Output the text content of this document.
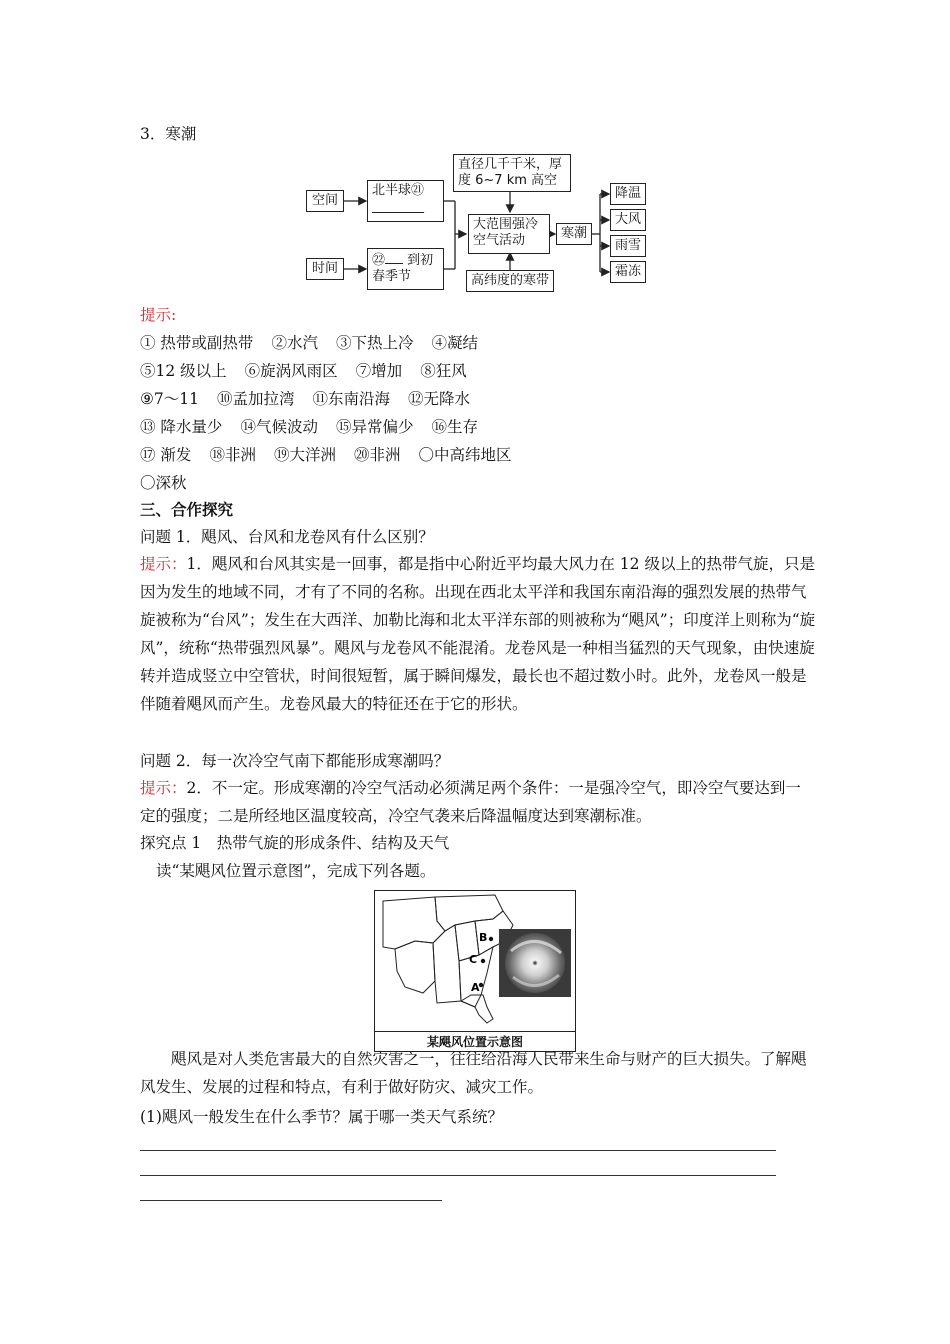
3．寒潮
空间
时间
北半球㉑
________
㉒ 到初
春季节
直径几千千米，厚
度 6~7 km 高空
大范围强冷
空气活动
高纬度的寒带
寒潮
降温
大风
雨雪
霜冻
提示:
① 热带或副热带 ②水汽 ③下热上冷 ④凝结
⑤12 级以上 ⑥旋涡风雨区 ⑦增加 ⑧狂风
⑨7～11 ⑩孟加拉湾 ⑪东南沿海 ⑫无降水
⑬ 降水量少 ⑭气候波动 ⑮异常偏少 ⑯生存
⑰ 渐发 ⑱非洲 ⑲大洋洲 ⑳非洲 〇中高纬地区
〇深秋
三、合作探究
问题 1．飓风、台风和龙卷风有什么区别？
提示：1．飓风和台风其实是一回事，都是指中心附近平均最大风力在 12 级以上的热带气旋，只是因为发生的地域不同，才有了不同的名称。出现在西北太平洋和我国东南沿海的强烈发展的热带气旋被称为“台风”；发生在大西洋、加勒比海和北太平洋东部的则被称为“飓风”；印度洋上则称为“旋风”，统称“热带强烈风暴”。飓风与龙卷风不能混淆。龙卷风是一种相当猛烈的天气现象，由快速旋转并造成竖立中空管状，时间很短暂，属于瞬间爆发，最长也不超过数小时。此外，龙卷风一般是伴随着飓风而产生。龙卷风最大的特征还在于它的形状。
问题 2．每一次冷空气南下都能形成寒潮吗？
提示：2．不一定。形成寒潮的冷空气活动必须满足两个条件：一是强冷空气，即冷空气要达到一定的强度；二是所经地区温度较高，冷空气袭来后降温幅度达到寒潮标准。
探究点 1　热带气旋的形成条件、结构及天气
读“某飓风位置示意图”，完成下列各题。
B
C
A
某飓风位置示意图
飓风是对人类危害最大的自然灾害之一，往往给沿海人民带来生命与财产的巨大损失。了解飓风发生、发展的过程和特点，有利于做好防灾、减灾工作。
(1)飓风一般发生在什么季节？属于哪一类天气系统？
